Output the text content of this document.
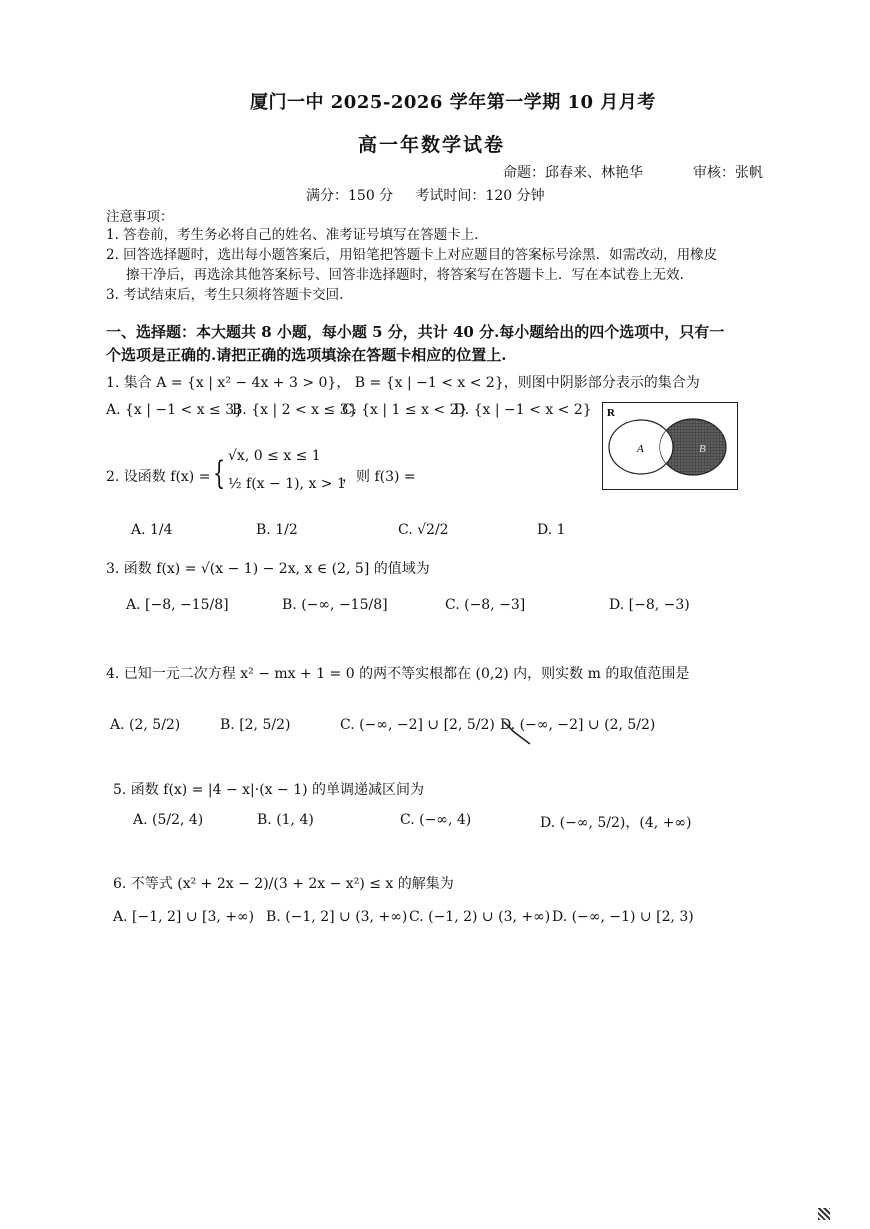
厦门一中 2025-2026 学年第一学期 10 月月考
高一年数学试卷
命题：邱春来、林艳华	审核：张帆
满分：150 分     考试时间：120 分钟
注意事项：
1. 答卷前，考生务必将自己的姓名、准考证号填写在答题卡上.
2. 回答选择题时，选出每小题答案后，用铅笔把答题卡上对应题目的答案标号涂黑．如需改动，用橡皮
擦干净后，再选涂其他答案标号、回答非选择题时，将答案写在答题卡上．写在本试卷上无效.
3. 考试结束后，考生只须将答题卡交回.
一、选择题：本大题共 8 小题，每小题 5 分，共计 40 分.每小题给出的四个选项中，只有一
个选项是正确的.请把正确的选项填涂在答题卡相应的位置上.
1. 集合 A = {x | x² − 4x + 3 > 0}， B = {x | −1 < x < 2}，则图中阴影部分表示的集合为
A. {x | −1 < x ≤ 3}
B. {x | 2 < x ≤ 3}
C. {x | 1 ≤ x < 2}
D. {x | −1 < x < 2} R
A	B
2. 设函数 f(x) = { √x, 0 ≤ x ≤ 1
½ f(x − 1), x > 1
，则 f(3) =
A. 1/4	B. 1/2	C. √2/2	D. 1
3. 函数 f(x) = √(x − 1) − 2x, x ∈ (2, 5] 的值域为
A. [−8, −15/8]	B. (−∞, −15/8]	C. (−8, −3]	D. [−8, −3)
4. 已知一元二次方程 x² − mx + 1 = 0 的两不等实根都在 (0,2) 内，则实数 m 的取值范围是
A. (2, 5/2)	B. [2, 5/2)	C. (−∞, −2] ∪ [2, 5/2) D. (−∞, −2] ∪ (2, 5/2)
5. 函数 f(x) = |4 − x|·(x − 1) 的单调递减区间为
A. (5/2, 4)	B. (1, 4)	C. (−∞, 4)	D. (−∞, 5/2)，(4, +∞)
6. 不等式 (x² + 2x − 2)/(3 + 2x − x²) ≤ x 的解集为
A. [−1, 2] ∪ [3, +∞) B. (−1, 2] ∪ (3, +∞) C. (−1, 2) ∪ (3, +∞) D. (−∞, −1) ∪ [2, 3)
